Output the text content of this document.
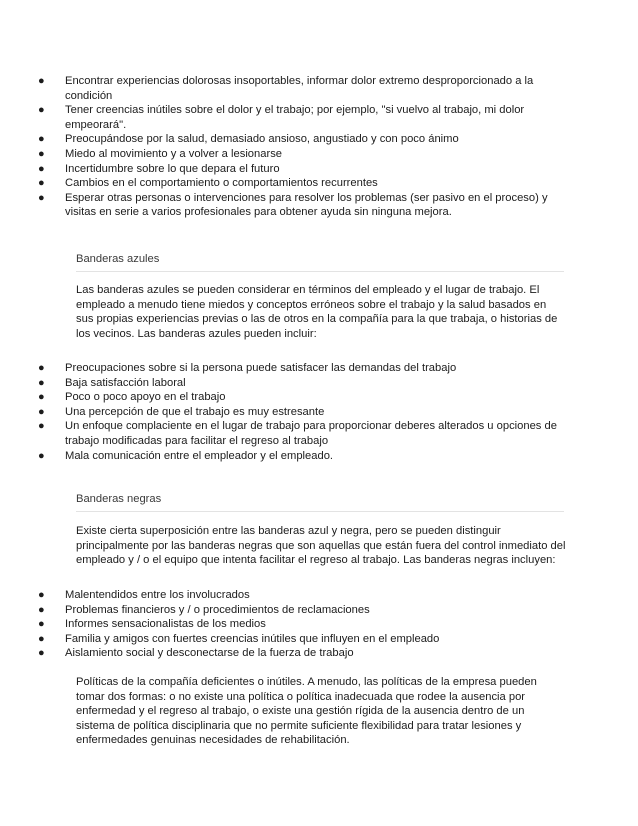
●	Encontrar experiencias dolorosas insoportables, informar dolor extremo desproporcionado a la condición
●	Tener creencias inútiles sobre el dolor y el trabajo; por ejemplo, "si vuelvo al trabajo, mi dolor empeorará".
●	Preocupándose por la salud, demasiado ansioso, angustiado y con poco ánimo
●	Miedo al movimiento y a volver a lesionarse
●	Incertidumbre sobre lo que depara el futuro
●	Cambios en el comportamiento o comportamientos recurrentes
●	Esperar otras personas o intervenciones para resolver los problemas (ser pasivo en el proceso) y visitas en serie a varios profesionales para obtener ayuda sin ninguna mejora.
Banderas azules
Las banderas azules se pueden considerar en términos del empleado y el lugar de trabajo. El empleado a menudo tiene miedos y conceptos erróneos sobre el trabajo y la salud basados en sus propias experiencias previas o las de otros en la compañía para la que trabaja, o historias de los vecinos. Las banderas azules pueden incluir:
●	Preocupaciones sobre si la persona puede satisfacer las demandas del trabajo
●	Baja satisfacción laboral
●	Poco o poco apoyo en el trabajo
●	Una percepción de que el trabajo es muy estresante
●	Un enfoque complaciente en el lugar de trabajo para proporcionar deberes alterados u opciones de trabajo modificadas para facilitar el regreso al trabajo
●	Mala comunicación entre el empleador y el empleado.
Banderas negras
Existe cierta superposición entre las banderas azul y negra, pero se pueden distinguir principalmente por las banderas negras que son aquellas que están fuera del control inmediato del empleado y / o el equipo que intenta facilitar el regreso al trabajo. Las banderas negras incluyen:
●	Malentendidos entre los involucrados
●	Problemas financieros y / o procedimientos de reclamaciones
●	Informes sensacionalistas de los medios
●	Familia y amigos con fuertes creencias inútiles que influyen en el empleado
●	Aislamiento social y desconectarse de la fuerza de trabajo
Políticas de la compañía deficientes o inútiles. A menudo, las políticas de la empresa pueden tomar dos formas: o no existe una política o política inadecuada que rodee la ausencia por enfermedad y el regreso al trabajo, o existe una gestión rígida de la ausencia dentro de un sistema de política disciplinaria que no permite suficiente flexibilidad para tratar lesiones y enfermedades genuinas necesidades de rehabilitación.
